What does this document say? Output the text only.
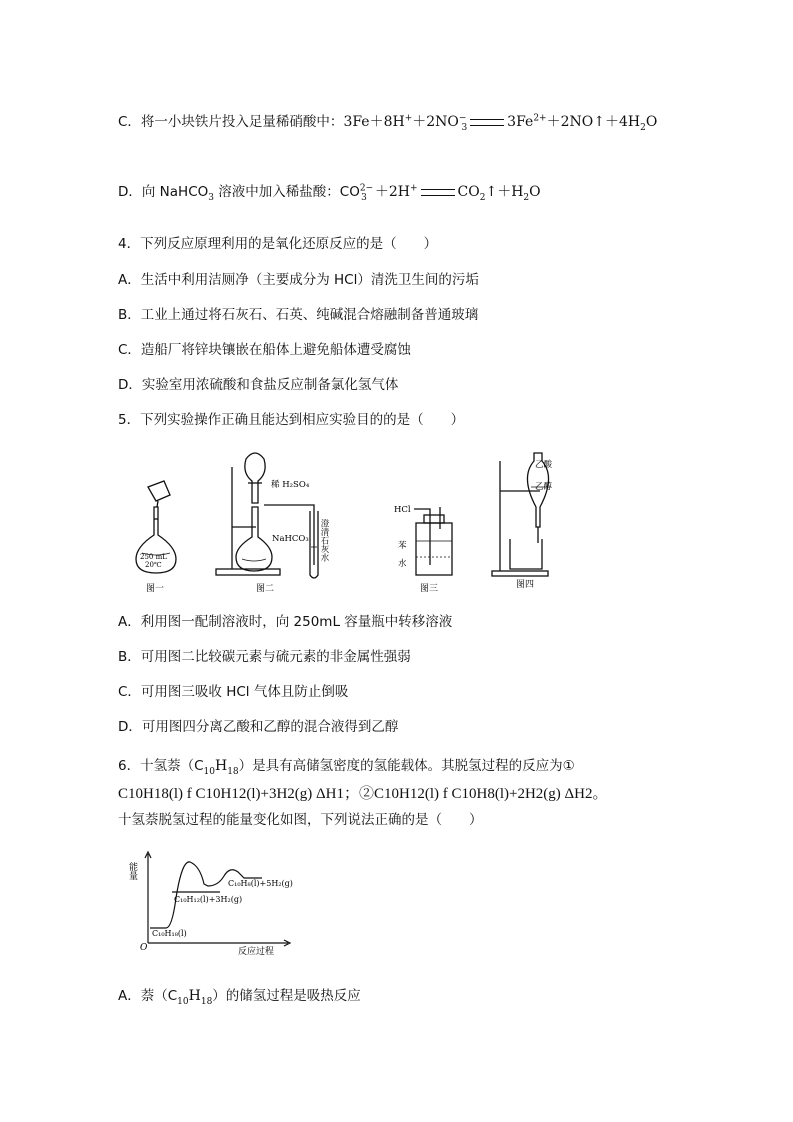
C．将一小块铁片投入足量稀硝酸中：$3Fe+8H^++2NO^-_3$	$3Fe^{2+}+2NO↑+4H_2O$
D．向 NaHCO$_3$ 溶液中加入稀盐酸：$CO^{2-}_3 +2H^+$	$CO_2↑+H_2O$
4．下列反应原理利用的是氧化还原反应的是（　　）
A．生活中利用洁厕净（主要成分为 HCl）清洗卫生间的污垢
B．工业上通过将石灰石、石英、纯碱混合熔融制备普通玻璃
C．造船厂将锌块镶嵌在船体上避免船体遭受腐蚀
D．实验室用浓硫酸和食盐反应制备氯化氢气体
5．下列实验操作正确且能达到相应实验目的的是（　　）
250 mL
20℃
稀 H₂SO₄
NaHCO₃ 澄清石灰水
HCl
苯
水
乙酸
乙醇
图一	图二	图三	图四
A．利用图一配制溶液时，向 250mL 容量瓶中转移溶液
B．可用图二比较碳元素与硫元素的非金属性强弱
C．可用图三吸收 HCl 气体且防止倒吸
D．可用图四分离乙酸和乙醇的混合液得到乙醇
6．十氢萘$(C_{10}H_{18})$是具有高储氢密度的氢能载体。其脱氢过程的反应为①
C10H18(l) f C10H12(l)+3H2(g) ΔH1；②C10H12(l) f C10H8(l)+2H2(g) ΔH2。
十氢萘脱氢过程的能量变化如图，下列说法正确的是（　　）
能量
反应过程
O
C₁₀H₁₈(l)
C₁₀H₁₂(l)+3H₂(g)
C₁₀H₈(l)+5H₂(g)
A．萘$(C_{10}H_{18})$的储氢过程是吸热反应
